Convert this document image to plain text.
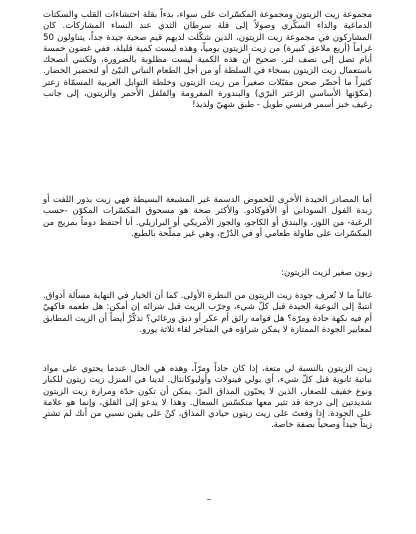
مجموعة زيت الزيتون ومجموعة المكسّرات على سواء، بدءاً بقلة احتشاءات القلب والسكتات الدماغية والداء السكّري وصولاً إلى قلة سرطان الثدي عند النساء المشاركات. كان المشاركون في مجموعة زيت الزيتون، الذين شكّلت لديهم قيم صحية جيدة جداً، يتناولون 50 غراماً (أربع ملاعق كبيرة) من زيت الزيتون يومياً، وهذه ليست كمية قليلة، ففي غضون خمسة أيام تصل إلى نصف لتر. صحيح أن هذه الكمية ليست مطلوبة بالضرورة، ولكنني أنصحك باستعمال زيت الزيتون بسخاء في السلطة أو من أجل الطعام النباتي النيّئ أو لتحضير الخضار. كثيراً ما أحضّر صحن مقبّلات صغيراً من زيت الزيتون وخلطة التوابل العربية المسمّاة زعتر (مكوّنها الأساسي الزعتر البرّي) والبندورة المفرومة والفلفل الأحمر والزيتون، إلى جانب رغيف خبز أسمر فرنسي طويل - طبق شهيّ ولذيذ!

أما المصادر الجيدة الأخرى للحموض الدسمة غير المشبعة البسيطة فهي زيت بذور اللفت أو زبدة الفول السوداني أو الأفوكادو. والأكثر صحة هو مسحوق المكسّرات المكوّن -حسب الرغبة- من اللوز، والبندق أو الكاجو، والجوز الأمريكي أو البرازيلي. أنا أحتفظ دوماً بمزيج من المكسّرات على طاولة طعامي أو في الدُرْج، وهي غير مملّحة بالطبع.

زبون صغير لزيت الزيتون:

غالباً ما لا تُعرف جودة زيت الزيتون من النظرة الأولى. كما أن الخيار في النهاية مسألة أذواق. انتبهْ إلى النوعية الجيدة قبل كلّ شيء، وجرّب الزيت قبل شرائه إن أمكن: هل طعمه فاكهيّ أم فيه نكهة حادة ومرّة؟ هل قوامه رائق أم عكر أو دبق ورغائي؟ تذكّرْ أيضاً أن الزيت المطابق لمعايير الجودة الممتازة لا يمكن شراؤه في المتاجر لقاء ثلاثة يورو.

زيت الزيتون بالنسبة لي متعة، إذا كان حاداً ومرّاً، وهذه هي الحال عندما يحتوي على مواد نباتية ثانوية قبل كلّ شيء، أي بولي فينولات وأوليوكانثال. لدينا في المنزل زيت زيتون للكبار ونوع خفيف للصغار، الذين لا يحبّون المذاق المرّ. يمكن أن تكون حدّة ومرارة زيت الزيتون شديدتين إلى درجة قد تثير معها متكسّس السعال. وهذا لا يدعو إلى القلق، وإنما هو علامة على الجودة. إذا وقعتَ على زيت زيتون حيادي المذاق، كنْ على يقين نسبي من أنك لم تشترِ زيتاً جيداً وصحياً بصفة خاصة.
